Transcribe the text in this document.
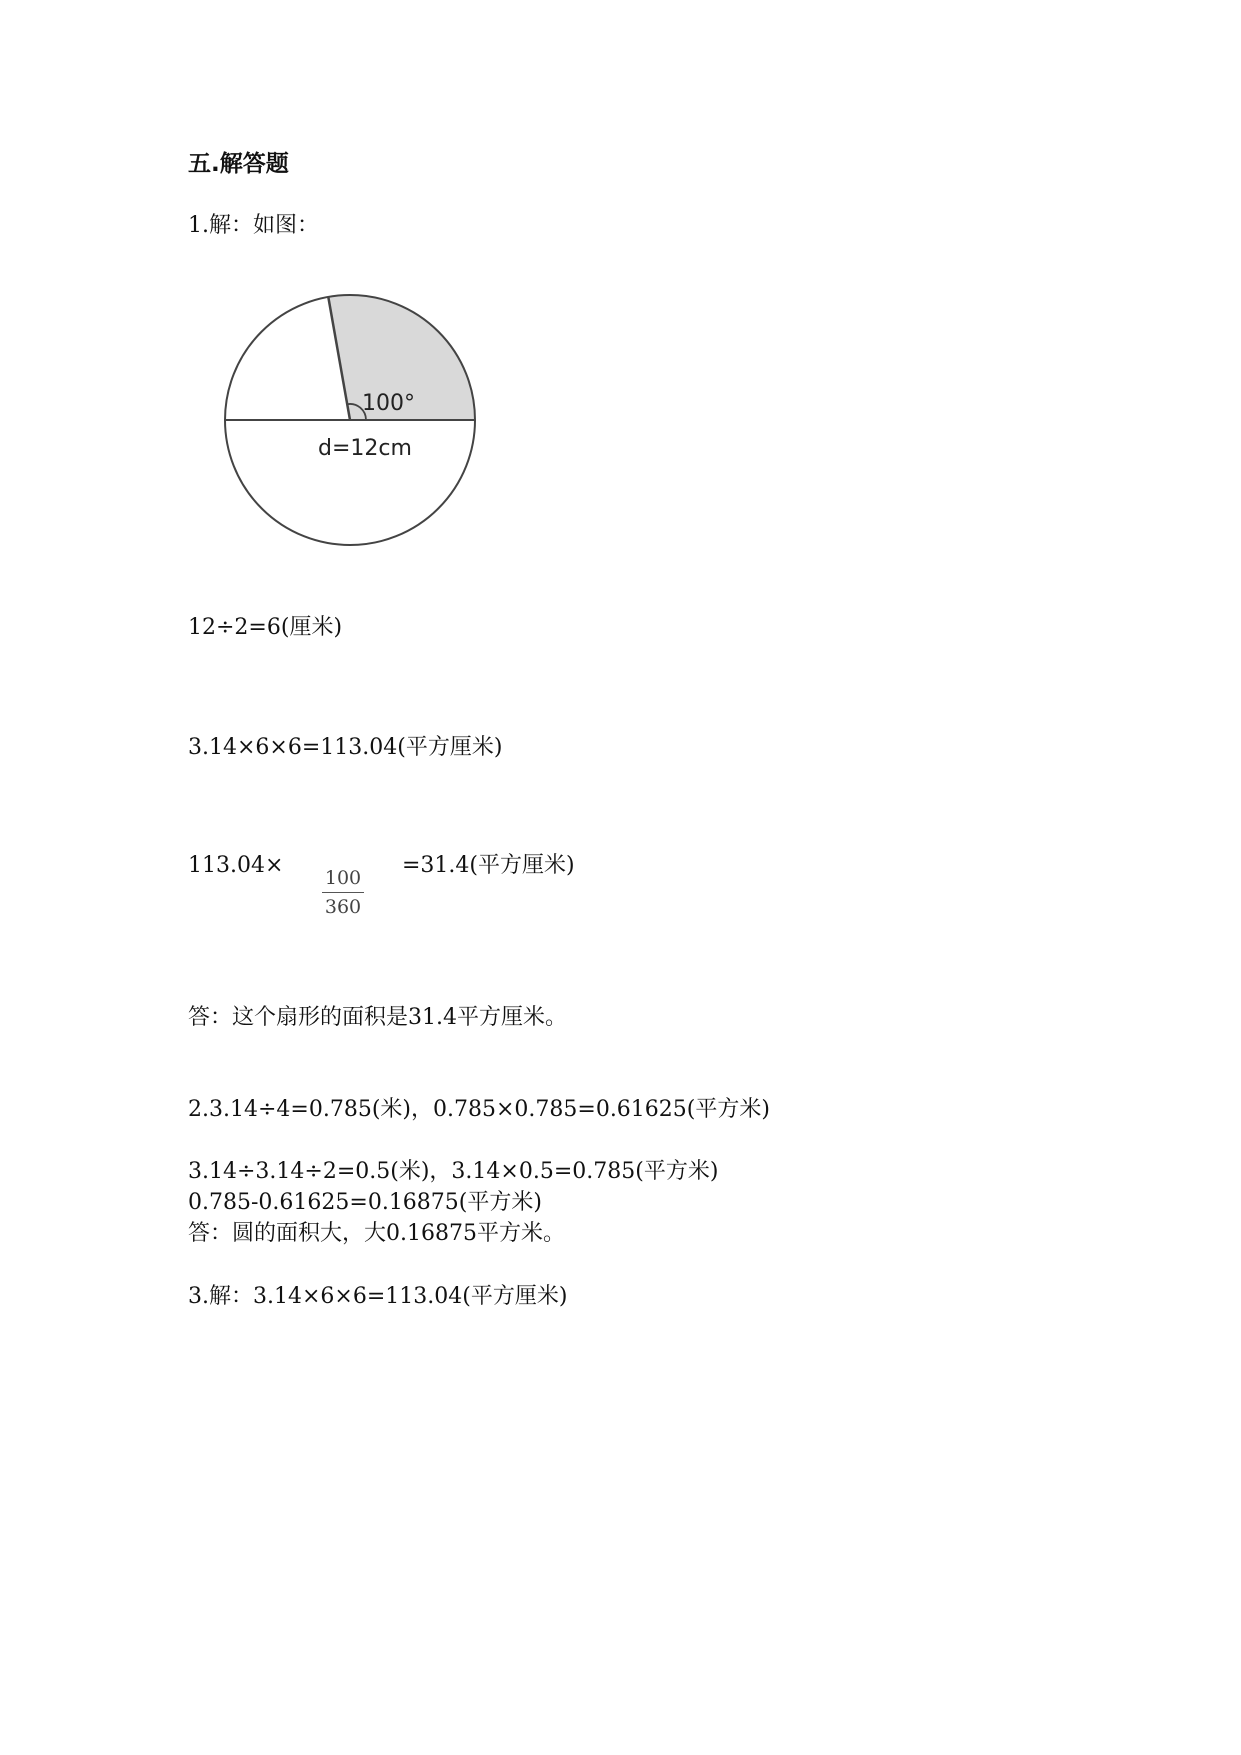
五.解答题
1.解：如图：
100°
d=12cm
12÷2=6(厘米)
3.14×6×6=113.04(平方厘米)
113.04× 100
360
=31.4(平方厘米)
答：这个扇形的面积是31.4平方厘米。
2.3.14÷4=0.785(米)，0.785×0.785=0.61625(平方米)
3.14÷3.14÷2=0.5(米)，3.14×0.5=0.785(平方米)
0.785-0.61625=0.16875(平方米)
答：圆的面积大，大0.16875平方米。
3.解：3.14×6×6=113.04(平方厘米)
